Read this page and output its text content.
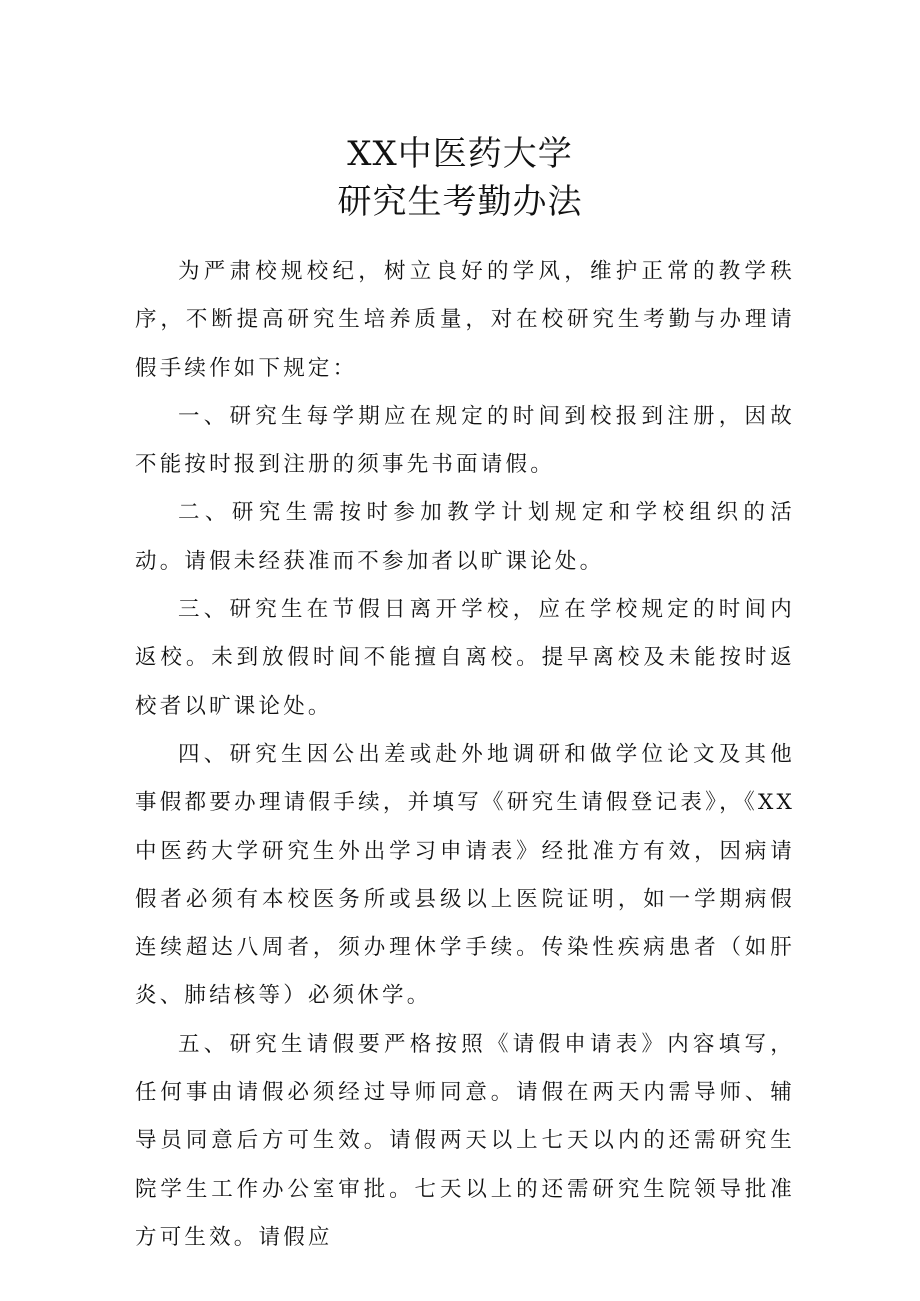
XX中医药大学
研究生考勤办法

为严肃校规校纪，树立良好的学风，维护正常的教学秩序，不断提高研究生培养质量，对在校研究生考勤与办理请假手续作如下规定：

一、研究生每学期应在规定的时间到校报到注册，因故不能按时报到注册的须事先书面请假。

二、研究生需按时参加教学计划规定和学校组织的活动。请假未经获准而不参加者以旷课论处。

三、研究生在节假日离开学校，应在学校规定的时间内返校。未到放假时间不能擅自离校。提早离校及未能按时返校者以旷课论处。

四、研究生因公出差或赴外地调研和做学位论文及其他事假都要办理请假手续，并填写《研究生请假登记表》，《XX中医药大学研究生外出学习申请表》经批准方有效，因病请假者必须有本校医务所或县级以上医院证明，如一学期病假连续超达八周者，须办理休学手续。传染性疾病患者（如肝炎、肺结核等）必须休学。

五、研究生请假要严格按照《请假申请表》内容填写，任何事由请假必须经过导师同意。请假在两天内需导师、辅导员同意后方可生效。请假两天以上七天以内的还需研究生院学生工作办公室审批。七天以上的还需研究生院领导批准方可生效。请假应
